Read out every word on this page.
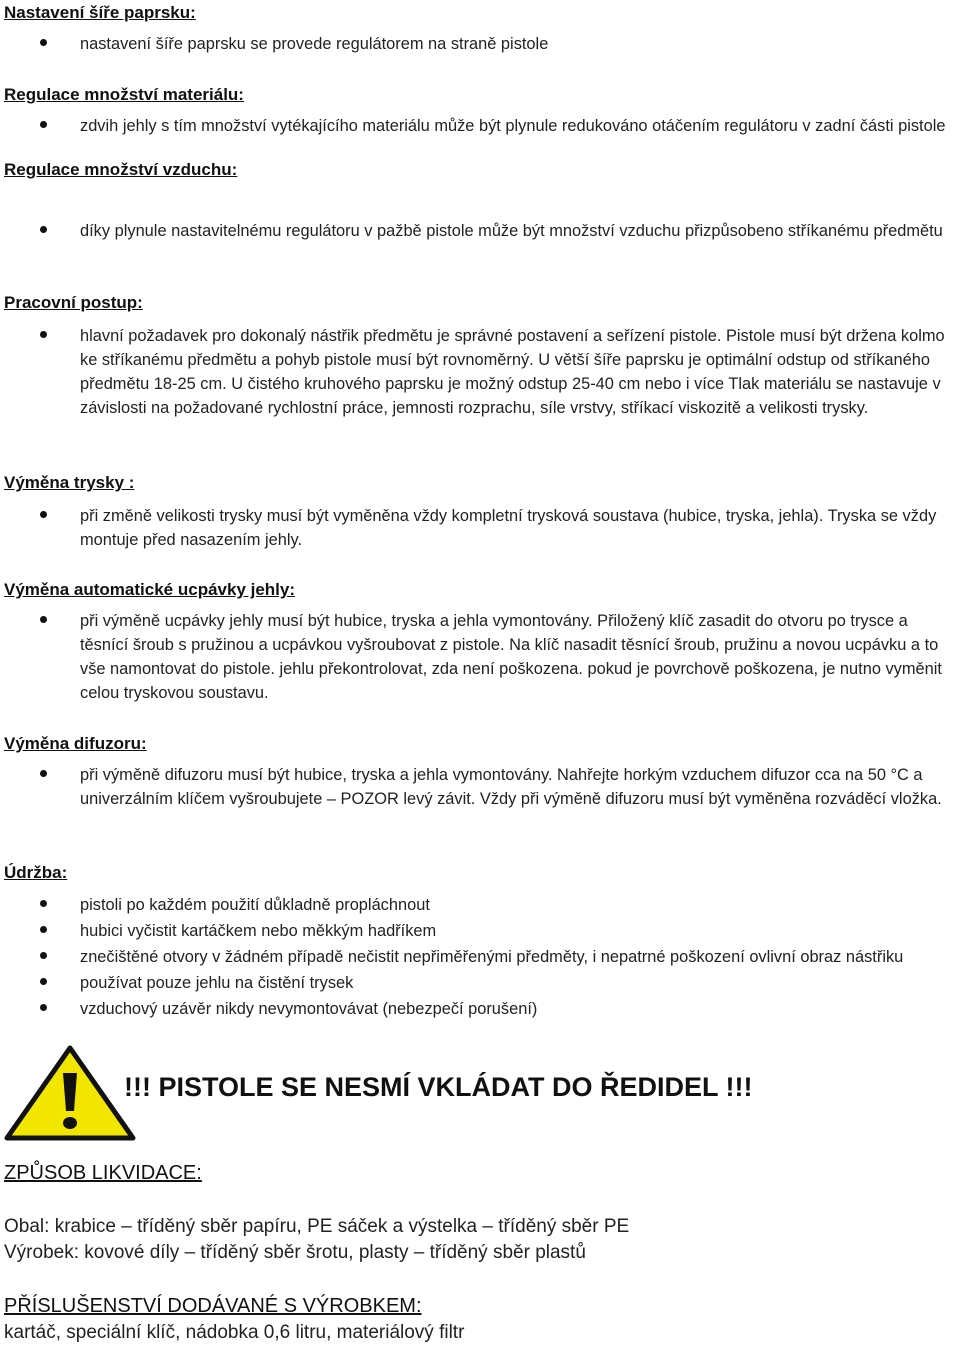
Nastavení šíře paprsku:
nastavení šíře paprsku se provede regulátorem na straně pistole
Regulace množství materiálu:
zdvih jehly s tím množství vytékajícího materiálu může být plynule redukováno otáčením regulátoru v zadní části pistole
Regulace množství vzduchu:
díky plynule nastavitelnému regulátoru v pažbě pistole může být množství vzduchu přizpůsobeno stříkanému předmětu
Pracovní postup:
hlavní požadavek pro dokonalý nástřik předmětu je správné postavení a seřízení pistole. Pistole musí být držena kolmo ke stříkanému předmětu a pohyb pistole musí být rovnoměrný. U větší šíře paprsku je optimální odstup od stříkaného předmětu 18-25 cm. U čistého kruhového paprsku je možný odstup 25-40 cm nebo i více Tlak materiálu se nastavuje v závislosti na požadované rychlostní práce, jemnosti rozprachu, síle vrstvy, stříkací viskozitě a velikosti trysky.
Výměna trysky :
při změně velikosti trysky musí být vyměněna vždy kompletní trysková soustava (hubice, tryska, jehla). Tryska se vždy montuje před nasazením jehly.
Výměna automatické ucpávky jehly:
při výměně ucpávky jehly musí být hubice, tryska a jehla vymontovány. Přiložený klíč zasadit do otvoru po trysce a těsnící šroub s pružinou a ucpávkou vyšroubovat z pistole. Na klíč nasadit těsnící šroub, pružinu a novou ucpávku a to vše namontovat do pistole. jehlu překontrolovat, zda není poškozena. pokud je povrchově poškozena, je nutno vyměnit celou tryskovou soustavu.
Výměna difuzoru:
při výměně difuzoru musí být hubice, tryska a jehla vymontovány. Nahřejte horkým vzduchem difuzor cca na 50 °C a univerzálním klíčem vyšroubujete – POZOR levý závit. Vždy při výměně difuzoru musí být vyměněna rozváděcí vložka.
Údržba:
pistoli po každém použití důkladně propláchnout
hubici vyčistit kartáčkem nebo měkkým hadříkem
znečištěné otvory v žádném případě nečistit nepřiměřenými předměty, i nepatrné poškození ovlivní obraz nástřiku
používat pouze jehlu na čistění trysek
vzduchový uzávěr nikdy nevymontovávat (nebezpečí porušení)
!!! PISTOLE SE NESMÍ VKLÁDAT DO ŘEDIDEL !!!
ZPŮSOB LIKVIDACE:

Obal: krabice – tříděný sběr papíru, PE sáček a výstelka – tříděný sběr PE

Výrobek: kovové díly – tříděný sběr šrotu, plasty – tříděný sběr plastů

PŘÍSLUŠENSTVÍ DODÁVANÉ S VÝROBKEM:

kartáč, speciální klíč, nádobka 0,6 litru, materiálový filtr
